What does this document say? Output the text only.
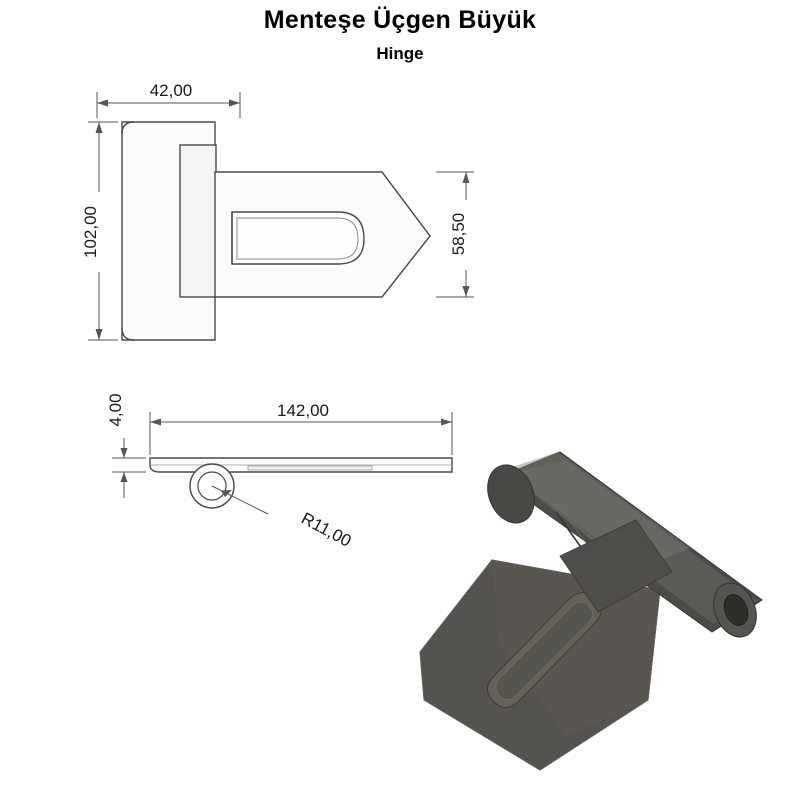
Menteşe Üçgen Büyük
Hinge
42,00
102,00	58,50
4,00	142,00
R11,00
